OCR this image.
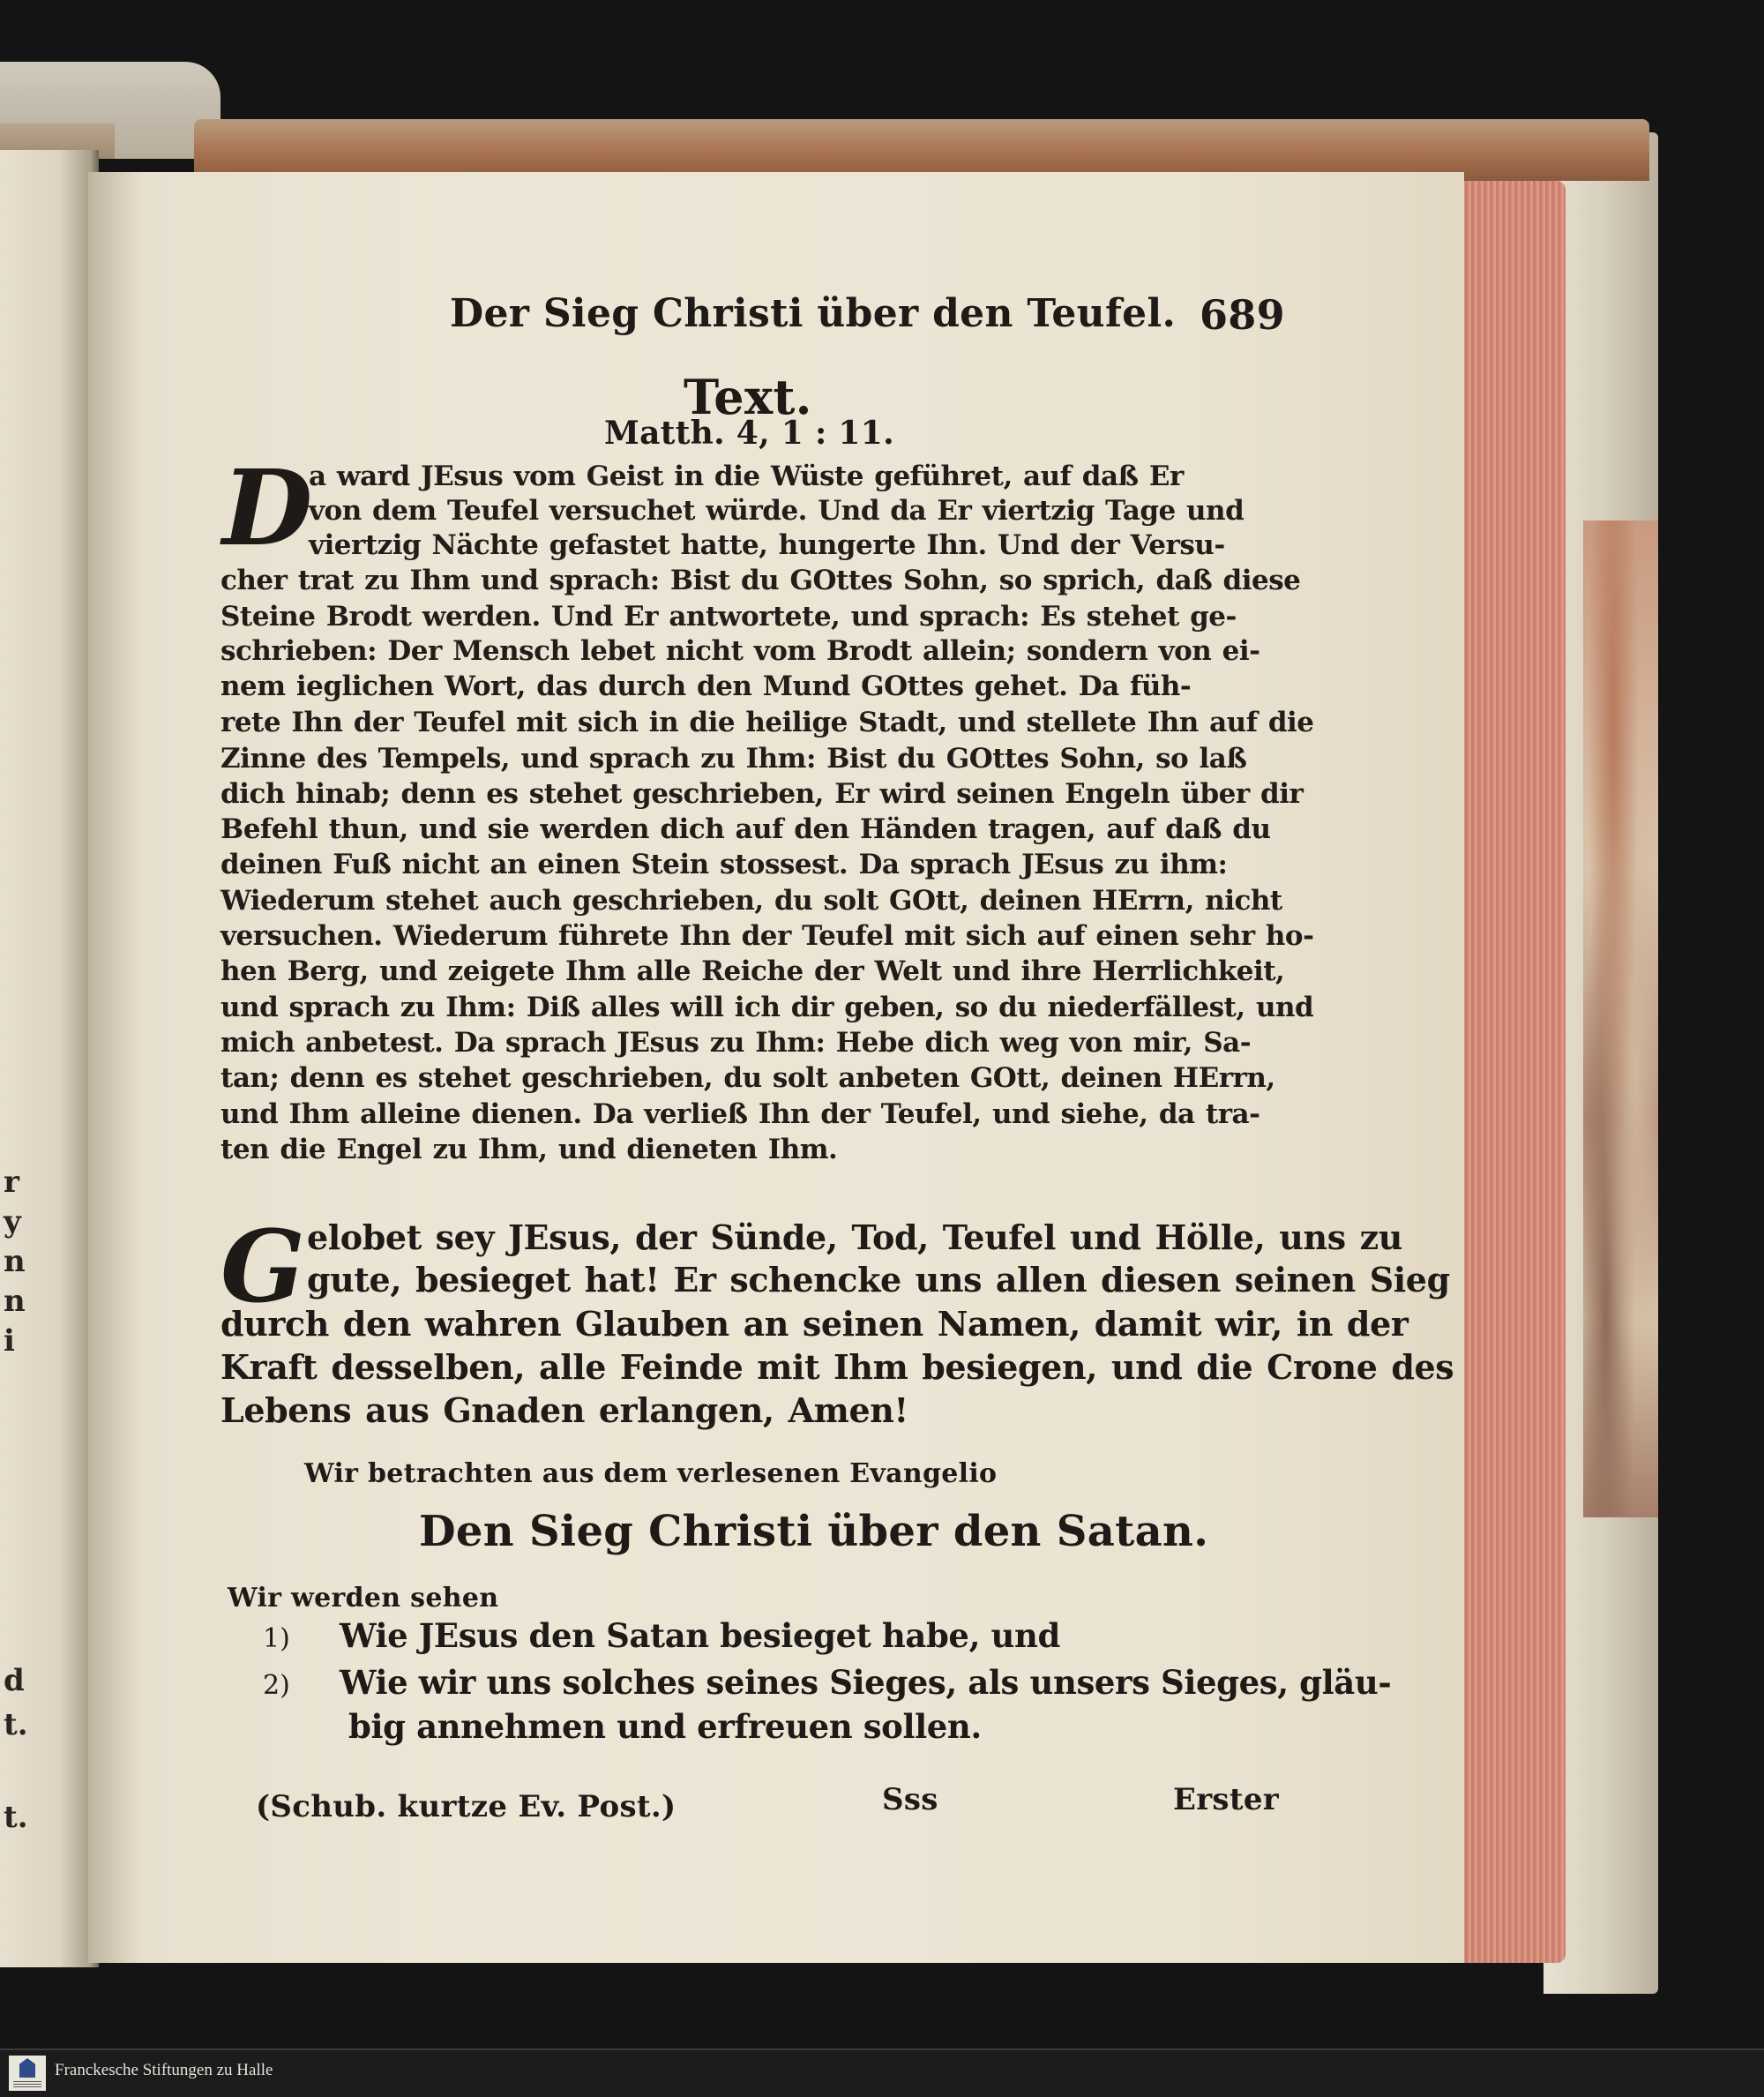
r
y
n
n
i
d
t.
t.
Der Sieg Christi über den Teufel. 689
Text.
Matth. 4, 1 : 11.
D
a ward JEsus vom Geist in die Wüste geführet, auf daß Er
von dem Teufel versuchet würde. Und da Er viertzig Tage und
viertzig Nächte gefastet hatte, hungerte Ihn. Und der Versu-
cher trat zu Ihm und sprach: Bist du GOttes Sohn, so sprich, daß diese
Steine Brodt werden. Und Er antwortete, und sprach: Es stehet ge-
schrieben: Der Mensch lebet nicht vom Brodt allein; sondern von ei-
nem ieglichen Wort, das durch den Mund GOttes gehet. Da füh-
rete Ihn der Teufel mit sich in die heilige Stadt, und stellete Ihn auf die
Zinne des Tempels, und sprach zu Ihm: Bist du GOttes Sohn, so laß
dich hinab; denn es stehet geschrieben, Er wird seinen Engeln über dir
Befehl thun, und sie werden dich auf den Händen tragen, auf daß du
deinen Fuß nicht an einen Stein stossest. Da sprach JEsus zu ihm:
Wiederum stehet auch geschrieben, du solt GOtt, deinen HErrn, nicht
versuchen. Wiederum führete Ihn der Teufel mit sich auf einen sehr ho-
hen Berg, und zeigete Ihm alle Reiche der Welt und ihre Herrlichkeit,
und sprach zu Ihm: Diß alles will ich dir geben, so du niederfällest, und
mich anbetest. Da sprach JEsus zu Ihm: Hebe dich weg von mir, Sa-
tan; denn es stehet geschrieben, du solt anbeten GOtt, deinen HErrn,
und Ihm alleine dienen. Da verließ Ihn der Teufel, und siehe, da tra-
ten die Engel zu Ihm, und dieneten Ihm.
G elobet sey JEsus, der Sünde, Tod, Teufel und Hölle, uns zu
gute, besieget hat! Er schencke uns allen diesen seinen Sieg
durch den wahren Glauben an seinen Namen, damit wir, in der
Kraft desselben, alle Feinde mit Ihm besiegen, und die Crone des
Lebens aus Gnaden erlangen, Amen!
Wir betrachten aus dem verlesenen Evangelio
Den Sieg Christi über den Satan.
Wir werden sehen
1) Wie JEsus den Satan besieget habe, und
2) Wie wir uns solches seines Sieges, als unsers Sieges, gläu-
big annehmen und erfreuen sollen.
(Schub. kurtze Ev. Post.)	Sss	Erster
Franckesche Stiftungen zu Halle
